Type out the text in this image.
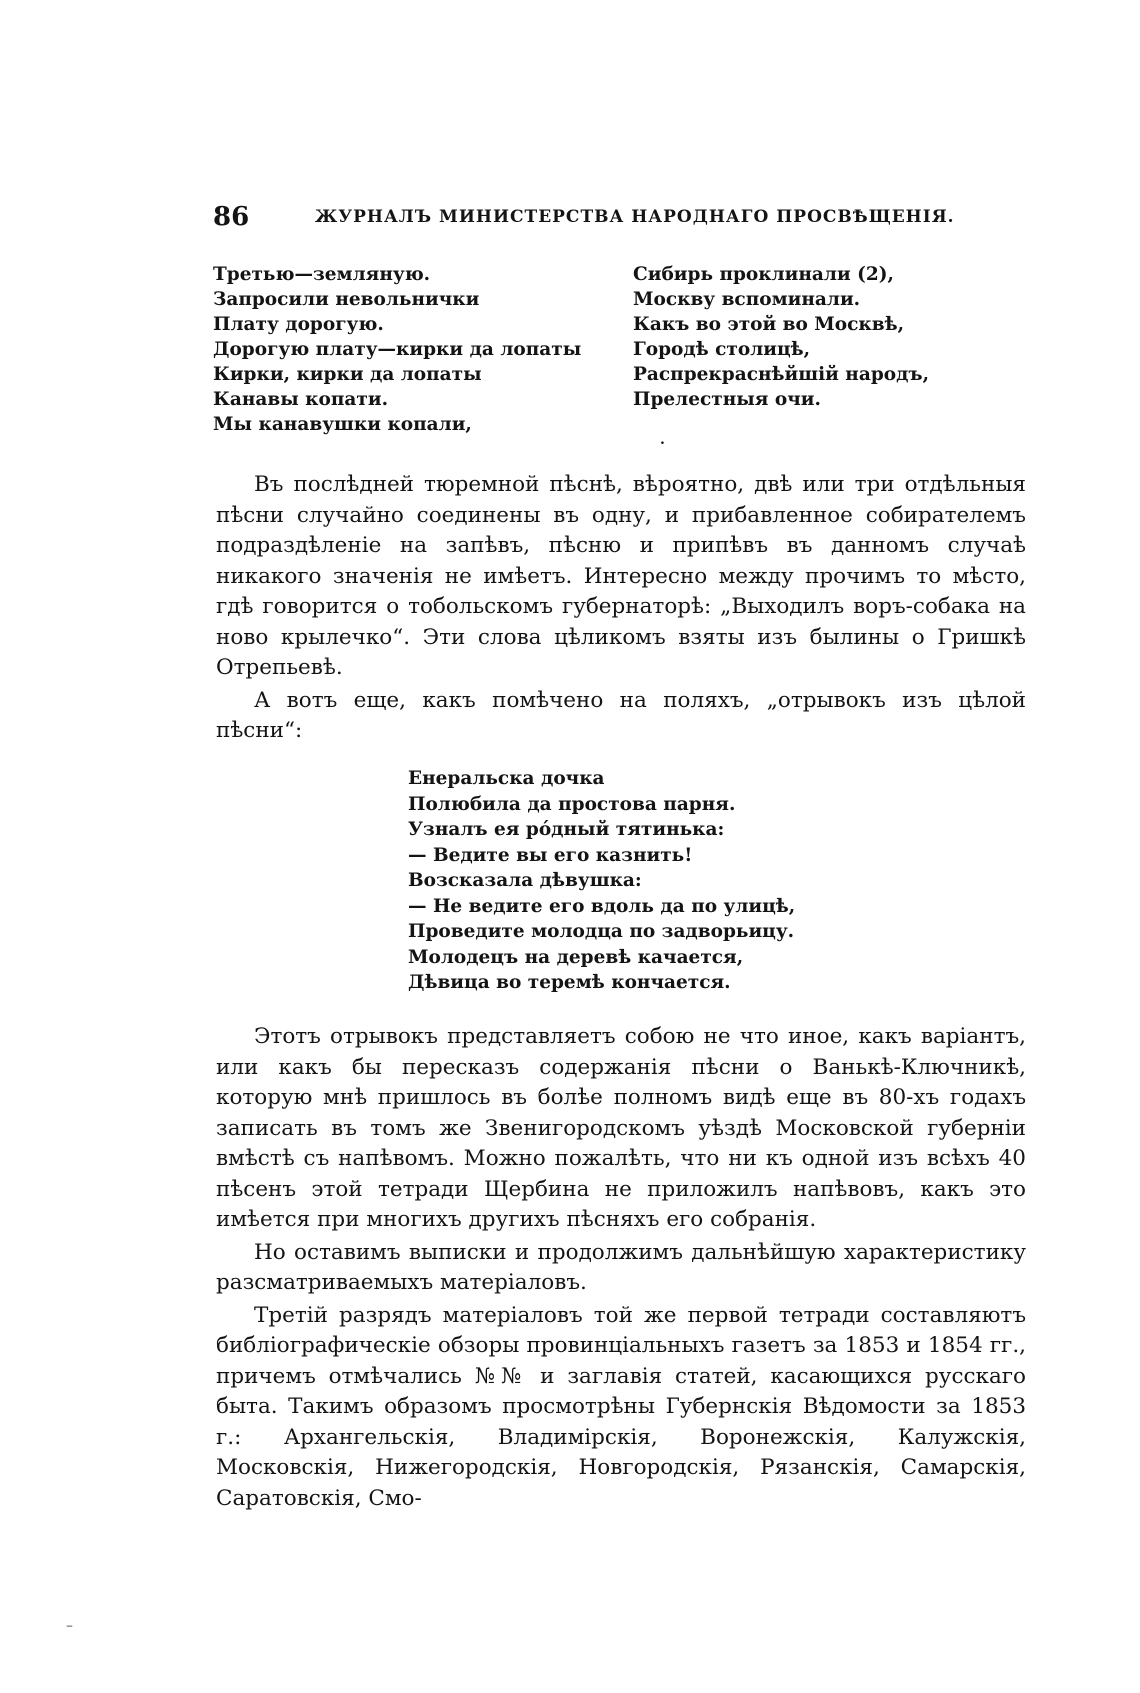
86	ЖУРНАЛЪ МИНИСТЕРСТВА НАРОДНАГО ПРОСВѢЩЕНІЯ.
Третью—земляную.
Запросили невольнички
Плату дорогую.
Дорогую плату—кирки да лопаты
Кирки, кирки да лопаты
Канавы копати.
Мы канавушки копали,
Сибирь проклинали (2),
Москву вспоминали.
Какъ во этой во Москвѣ,
Городѣ столицѣ,
Распрекраснѣйшій народъ,
Прелестныя очи.
.

Въ послѣдней тюремной пѣснѣ, вѣроятно, двѣ или три отдѣльныя пѣсни случайно соединены въ одну, и прибавленное собирателемъ подраздѣленіе на запѣвъ, пѣсню и припѣвъ въ данномъ случаѣ никакого значенія не имѣетъ. Интересно между прочимъ то мѣсто, гдѣ говорится о тобольскомъ губернаторѣ: „Выходилъ воръ-собака на ново крылечко“. Эти слова цѣликомъ взяты изъ былины о Гришкѣ Отрепьевѣ.

А вотъ еще, какъ помѣчено на поляхъ, „отрывокъ изъ цѣлой пѣсни“:

Енеральска дочка
Полюбила да простова парня.
Узналъ ея рóдный тятинька:
— Ведите вы его казнить!
Возсказала дѣвушка:
— Не ведите его вдоль да по улицѣ,
Проведите молодца по задворьицу.
Молодецъ на деревѣ качается,
Дѣвица во теремѣ кончается.

Этотъ отрывокъ представляетъ собою не что иное, какъ варіантъ, или какъ бы пересказъ содержанія пѣсни о Ванькѣ-Ключникѣ, которую мнѣ пришлось въ болѣе полномъ видѣ еще въ 80-хъ годахъ записать въ томъ же Звенигородскомъ уѣздѣ Московской губерніи вмѣстѣ съ напѣвомъ. Можно пожалѣть, что ни къ одной изъ всѣхъ 40 пѣсенъ этой тетради Щербина не приложилъ напѣвовъ, какъ это имѣется при многихъ другихъ пѣсняхъ его собранія.

Но оставимъ выписки и продолжимъ дальнѣйшую характеристику разсматриваемыхъ матеріаловъ.

Третій разрядъ матеріаловъ той же первой тетради составляютъ библіографическіе обзоры провинціальныхъ газетъ за 1853 и 1854 гг., причемъ отмѣчались №№ и заглавія статей, касающихся русскаго быта. Такимъ образомъ просмотрѣны Губернскія Вѣдомости за 1853 г.: Архангельскія, Владимірскія, Воронежскія, Калужскія, Московскія, Нижегородскія, Новгородскія, Рязанскія, Самарскія, Саратовскія, Смо-

–
